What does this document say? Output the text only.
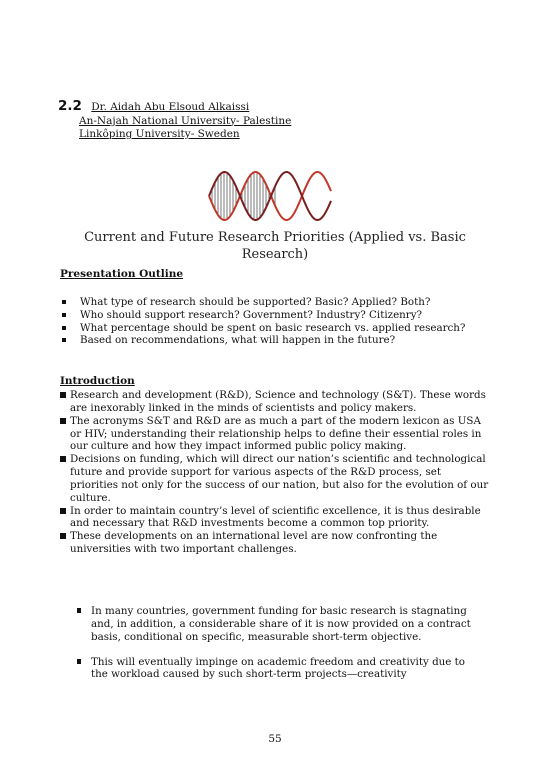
2.2 Dr. Aidah Abu Elsoud Alkaissi
An-Najah National University- Palestine
Linkôping University- Sweden
Current and Future Research Priorities (Applied vs. Basic Research)
Presentation Outline
What type of research should be supported? Basic? Applied? Both?
Who should support research? Government? Industry? Citizenry?
What percentage should be spent on basic research vs. applied research?
Based on recommendations, what will happen in the future?
Introduction
Research and development (R&D), Science and technology (S&T). These words are inexorably linked in the minds of scientists and policy makers.
The acronyms S&T and R&D are as much a part of the modern lexicon as USA or HIV; understanding their relationship helps to define their essential roles in our culture and how they impact informed public policy making.
Decisions on funding, which will direct our nation’s scientific and technological future and provide support for various aspects of the R&D process, set priorities not only for the success of our nation, but also for the evolution of our culture.
In order to maintain country’s level of scientific excellence, it is thus desirable and necessary that R&D investments become a common top priority.
These developments on an international level are now confronting the universities with two important challenges.
In many countries, government funding for basic research is stagnating and, in addition, a considerable share of it is now provided on a contract basis, conditional on specific, measurable short-term objective.
This will eventually impinge on academic freedom and creativity due to the workload caused by such short-term projects—creativity
55
